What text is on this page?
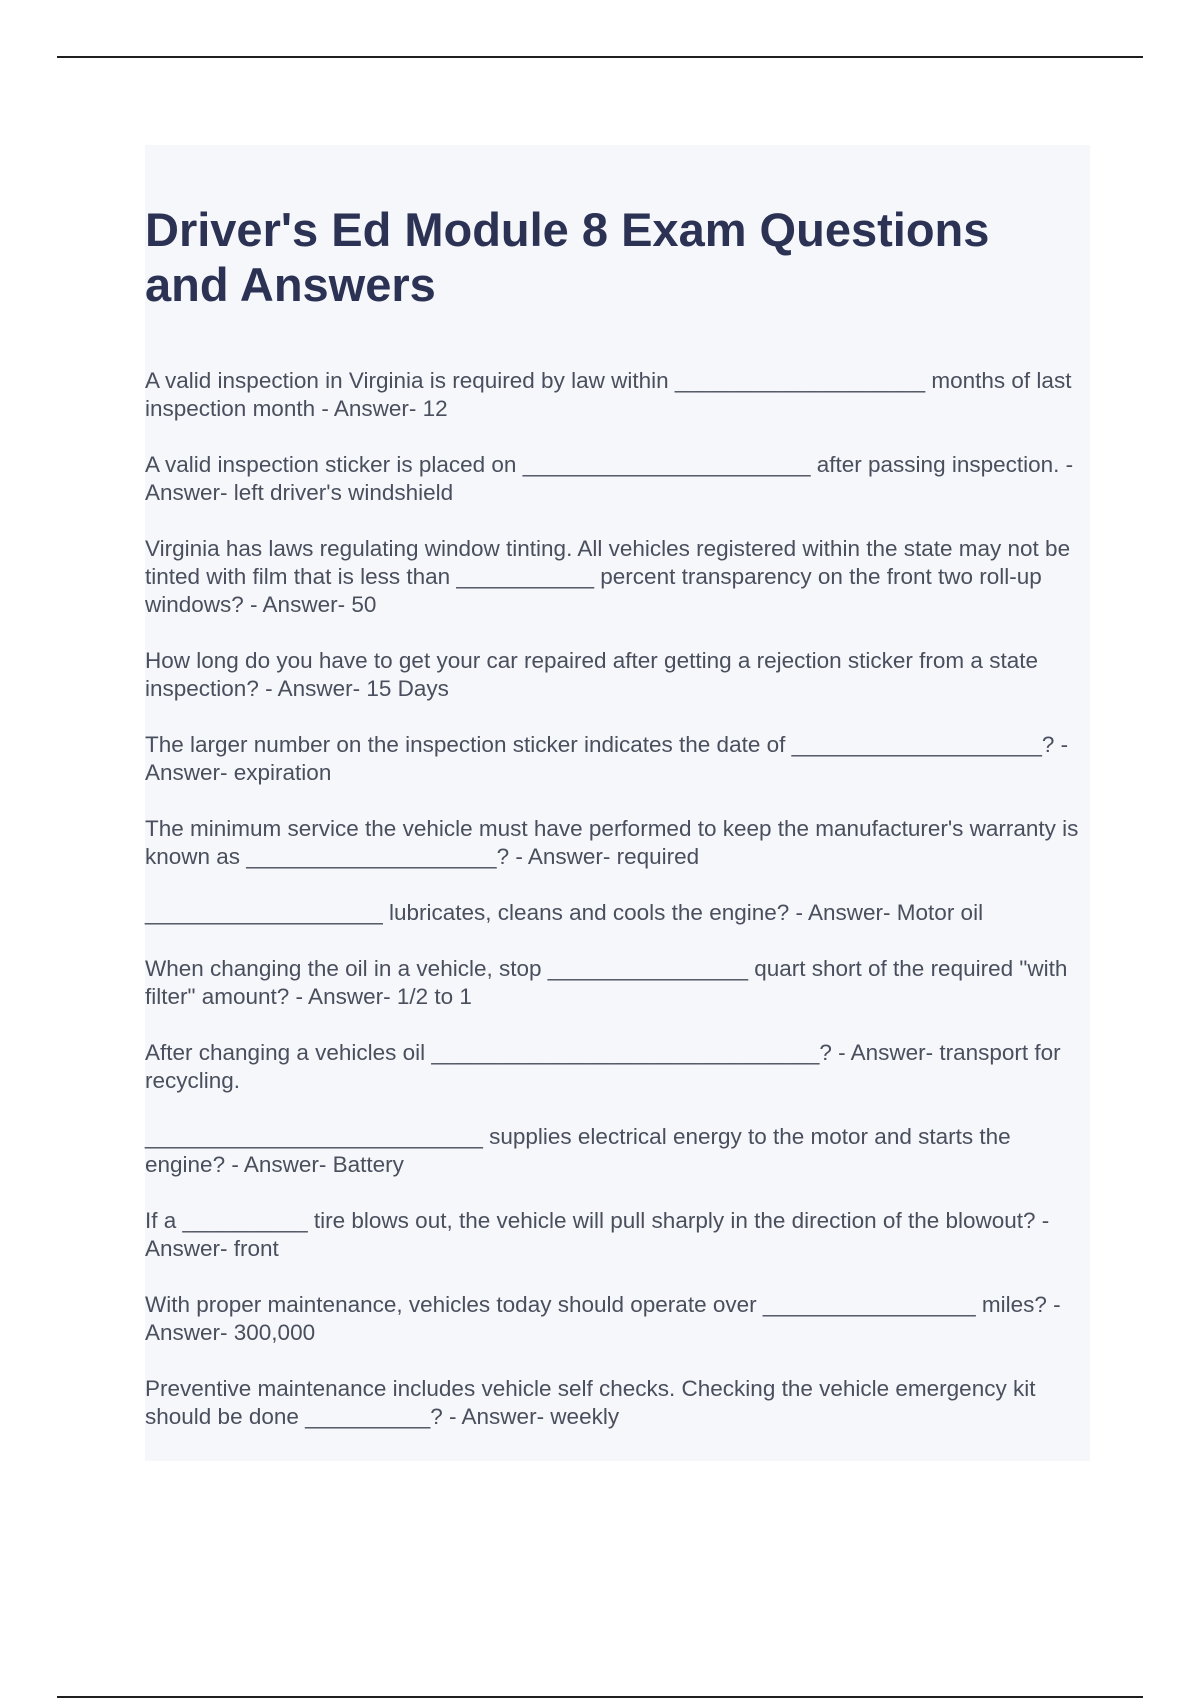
Driver's Ed Module 8 Exam Questions and Answers
A valid inspection in Virginia is required by law within ____________________ months of last inspection month - Answer- 12
A valid inspection sticker is placed on _______________________ after passing inspection. - Answer- left driver's windshield
Virginia has laws regulating window tinting. All vehicles registered within the state may not be tinted with film that is less than ___________ percent transparency on the front two roll-up windows? - Answer- 50
How long do you have to get your car repaired after getting a rejection sticker from a state inspection? - Answer- 15 Days
The larger number on the inspection sticker indicates the date of ____________________? - Answer- expiration
The minimum service the vehicle must have performed to keep the manufacturer's warranty is known as ____________________? - Answer- required
___________________ lubricates, cleans and cools the engine? - Answer- Motor oil
When changing the oil in a vehicle, stop ________________ quart short of the required "with filter" amount? - Answer- 1/2 to 1
After changing a vehicles oil _______________________________? - Answer- transport for recycling.
___________________________ supplies electrical energy to the motor and starts the engine? - Answer- Battery
If a __________ tire blows out, the vehicle will pull sharply in the direction of the blowout? - Answer- front
With proper maintenance, vehicles today should operate over _________________ miles? - Answer- 300,000
Preventive maintenance includes vehicle self checks. Checking the vehicle emergency kit should be done __________? - Answer- weekly
